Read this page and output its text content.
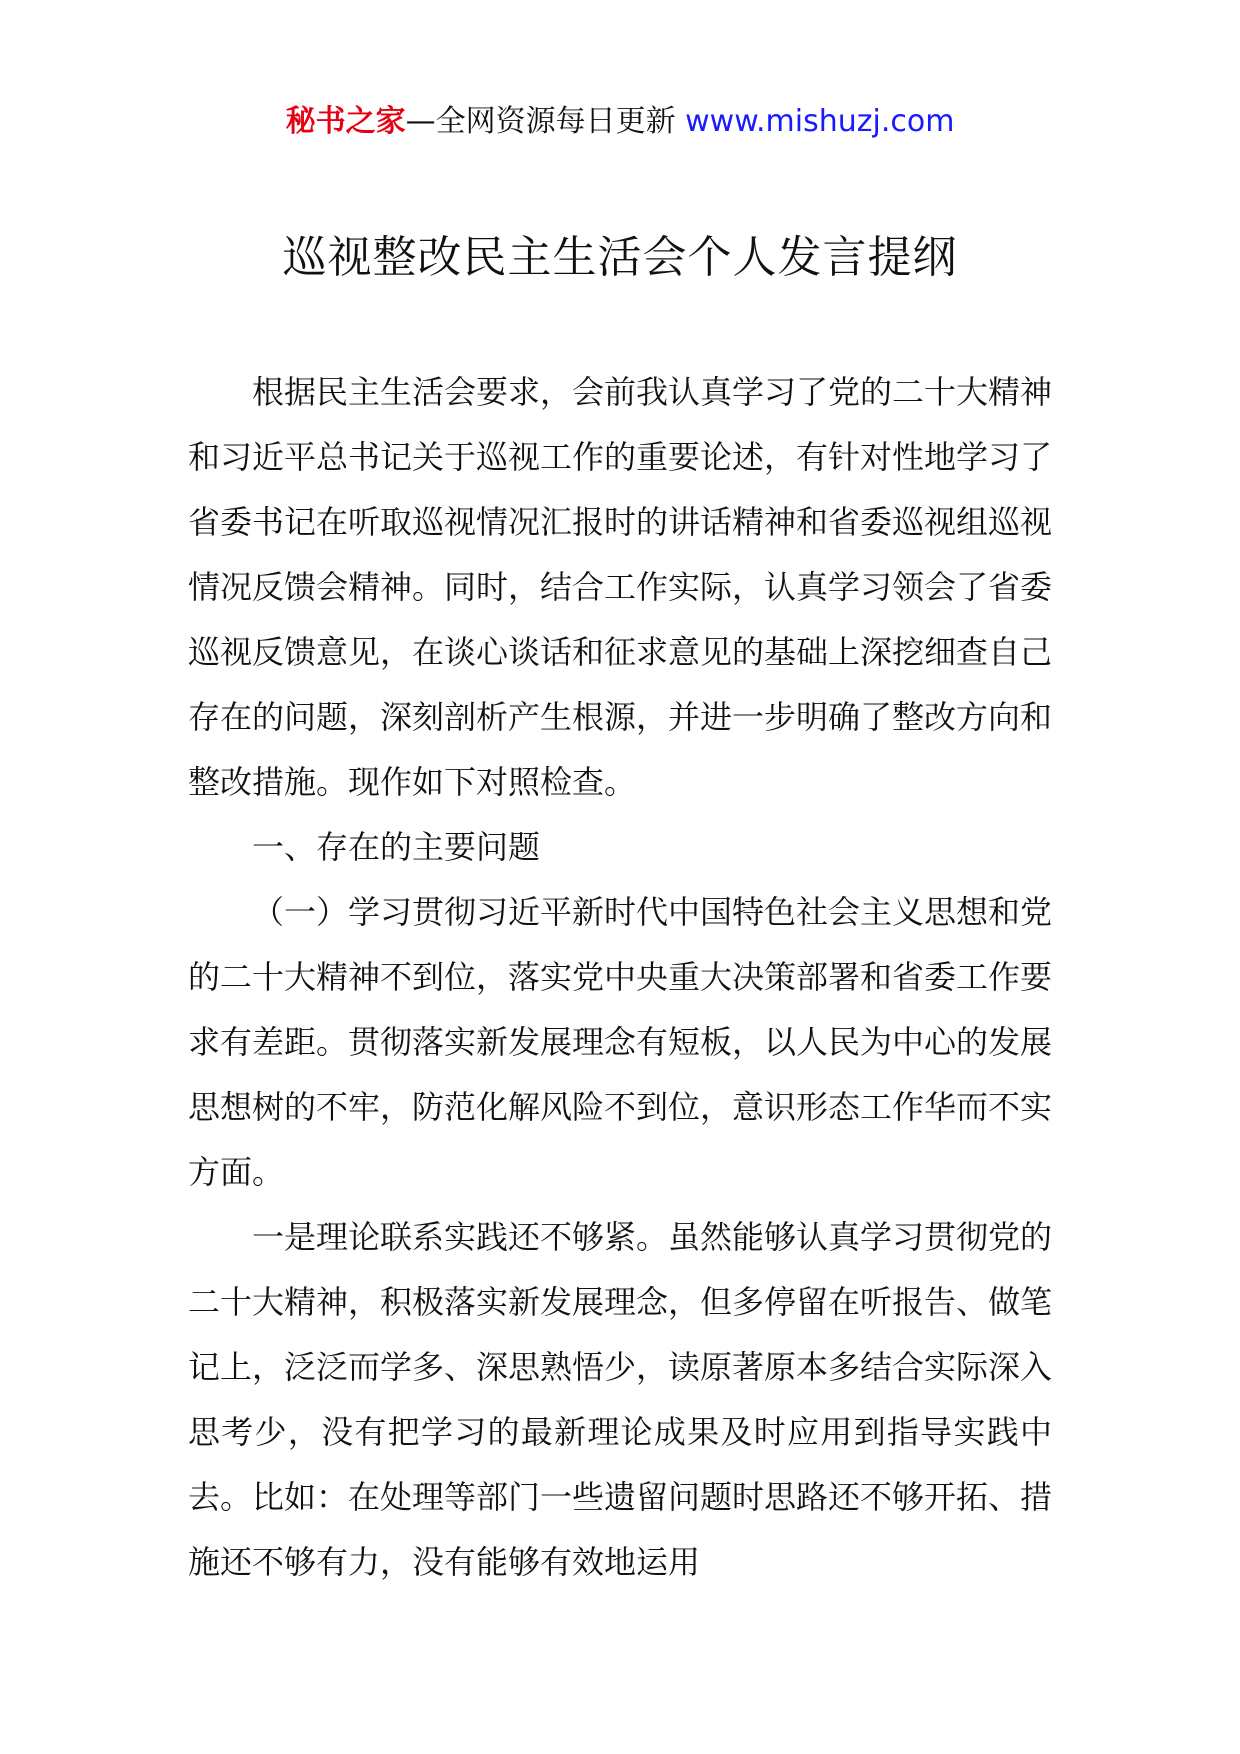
秘书之家—全网资源每日更新 www.mishuzj.com
巡视整改民主生活会个人发言提纲

根据民主生活会要求，会前我认真学习了党的二十大精神和习近平总书记关于巡视工作的重要论述，有针对性地学习了省委书记在听取巡视情况汇报时的讲话精神和省委巡视组巡视情况反馈会精神。同时，结合工作实际，认真学习领会了省委巡视反馈意见，在谈心谈话和征求意见的基础上深挖细查自己存在的问题，深刻剖析产生根源，并进一步明确了整改方向和整改措施。现作如下对照检查。

一、存在的主要问题

（一）学习贯彻习近平新时代中国特色社会主义思想和党的二十大精神不到位，落实党中央重大决策部署和省委工作要求有差距。贯彻落实新发展理念有短板，以人民为中心的发展思想树的不牢，防范化解风险不到位，意识形态工作华而不实方面。

一是理论联系实践还不够紧。虽然能够认真学习贯彻党的二十大精神，积极落实新发展理念，但多停留在听报告、做笔记上，泛泛而学多、深思熟悟少，读原著原本多结合实际深入思考少，没有把学习的最新理论成果及时应用到指导实践中去。比如：在处理等部门一些遗留问题时思路还不够开拓、措施还不够有力，没有能够有效地运用
